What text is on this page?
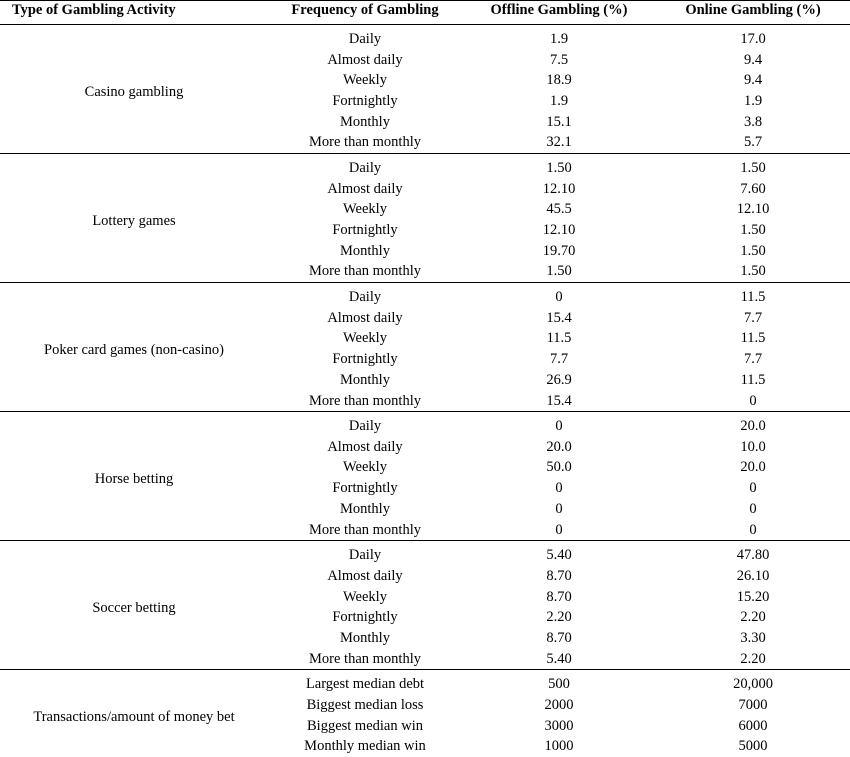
Type of Gambling Activity	Frequency of Gambling	Offline Gambling (%)	Online Gambling (%)
Casino gambling	Daily	1.9	17.0
	Almost daily	7.5	9.4
	Weekly	18.9	9.4
	Fortnightly	1.9	1.9
	Monthly	15.1	3.8
	More than monthly	32.1	5.7
Lottery games	Daily	1.50	1.50
	Almost daily	12.10	7.60
	Weekly	45.5	12.10
	Fortnightly	12.10	1.50
	Monthly	19.70	1.50
	More than monthly	1.50	1.50
Poker card games (non-casino)	Daily	0	11.5
	Almost daily	15.4	7.7
	Weekly	11.5	11.5
	Fortnightly	7.7	7.7
	Monthly	26.9	11.5
	More than monthly	15.4	0
Horse betting	Daily	0	20.0
	Almost daily	20.0	10.0
	Weekly	50.0	20.0
	Fortnightly	0	0
	Monthly	0	0
	More than monthly	0	0
Soccer betting	Daily	5.40	47.80
	Almost daily	8.70	26.10
	Weekly	8.70	15.20
	Fortnightly	2.20	2.20
	Monthly	8.70	3.30
	More than monthly	5.40	2.20
Transactions/amount of money bet	Largest median debt	500	20,000
	Biggest median loss	2000	7000
	Biggest median win	3000	6000
	Monthly median win	1000	5000
